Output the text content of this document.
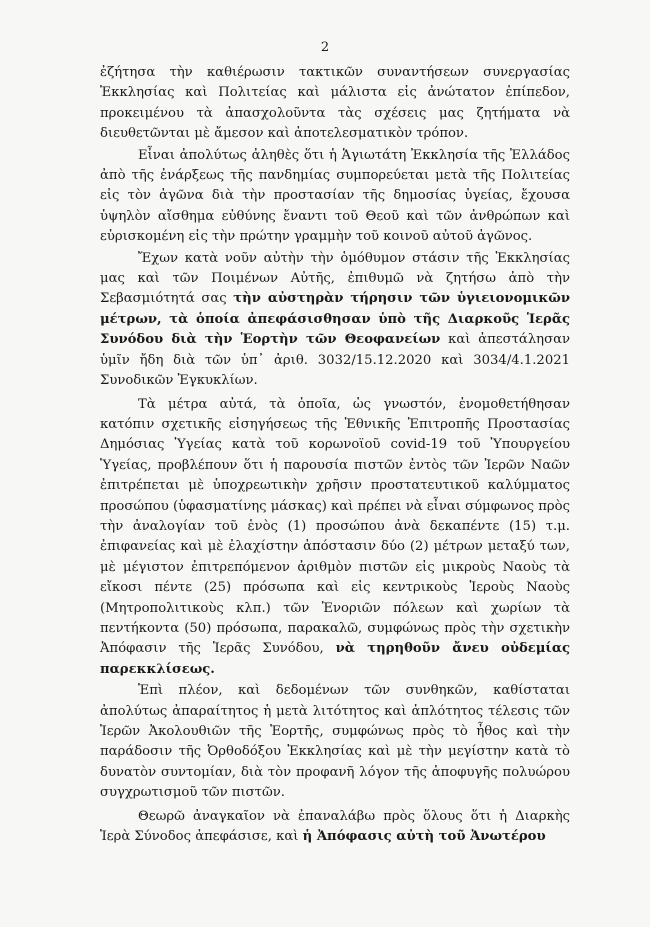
2

ἐζήτησα τὴν καθιέρωσιν τακτικῶν συναντήσεων συνεργασίας Ἐκκλησίας καὶ Πολιτείας καὶ μάλιστα εἰς ἀνώτατον ἐπίπεδον, προκειμένου τὰ ἀπασχολοῦντα τὰς σχέσεις μας ζητήματα νὰ διευθετῶνται μὲ ἄμεσον καὶ ἀποτελεσματικὸν τρόπον.

Εἶναι ἀπολύτως ἀληθὲς ὅτι ἡ Ἁγιωτάτη Ἐκκλησία τῆς Ἑλλάδος ἀπὸ τῆς ἐνάρξεως τῆς πανδημίας συμπορεύεται μετὰ τῆς Πολιτείας εἰς τὸν ἀγῶνα διὰ τὴν προστασίαν τῆς δημοσίας ὑγείας, ἔχουσα ὑψηλὸν αἴσθημα εὐθύνης ἔναντι τοῦ Θεοῦ καὶ τῶν ἀνθρώπων καὶ εὑρισκομένη εἰς τὴν πρώτην γραμμὴν τοῦ κοινοῦ αὐτοῦ ἀγῶνος.

Ἔχων κατὰ νοῦν αὐτὴν τὴν ὁμόθυμον στάσιν τῆς Ἐκκλησίας μας καὶ τῶν Ποιμένων Αὐτῆς, ἐπιθυμῶ νὰ ζητήσω ἀπὸ τὴν Σεβασμιότητά σας τὴν αὐστηρὰν τήρησιν τῶν ὑγιειονομικῶν μέτρων, τὰ ὁποία ἀπεφάσισθησαν ὑπὸ τῆς Διαρκοῦς Ἱερᾶς Συνόδου διὰ τὴν Ἑορτὴν τῶν Θεοφανείων καὶ ἀπεστάλησαν ὑμῖν ἤδη διὰ τῶν ὑπ᾽ ἀριθ. 3032/15.12.2020 καὶ 3034/4.1.2021 Συνοδικῶν Ἐγκυκλίων.

Τὰ μέτρα αὐτά, τὰ ὁποῖα, ὡς γνωστόν, ἐνομοθετήθησαν κατόπιν σχετικῆς εἰσηγήσεως τῆς Ἐθνικῆς Ἐπιτροπῆς Προστασίας Δημόσιας Ὑγείας κατὰ τοῦ κορωνοϊοῦ covid-19 τοῦ Ὑπουργείου Ὑγείας, προβλέπουν ὅτι ἡ παρουσία πιστῶν ἐντὸς τῶν Ἱερῶν Ναῶν ἐπιτρέπεται μὲ ὑποχρεωτικὴν χρῆσιν προστατευτικοῦ καλύμματος προσώπου (ὑφασματίνης μάσκας) καὶ πρέπει νὰ εἶναι σύμφωνος πρὸς τὴν ἀναλογίαν τοῦ ἑνὸς (1) προσώπου ἀνὰ δεκαπέντε (15) τ.μ. ἐπιφανείας καὶ μὲ ἐλαχίστην ἀπόστασιν δύο (2) μέτρων μεταξύ των, μὲ μέγιστον ἐπιτρεπόμενον ἀριθμὸν πιστῶν εἰς μικροὺς Ναοὺς τὰ εἴκοσι πέντε (25) πρόσωπα καὶ εἰς κεντρικοὺς Ἱεροὺς Ναοὺς (Μητροπολιτικοὺς κλπ.) τῶν Ἐνοριῶν πόλεων καὶ χωρίων τὰ πεντήκοντα (50) πρόσωπα, παρακαλῶ, συμφώνως πρὸς τὴν σχετικὴν Ἀπόφασιν τῆς Ἱερᾶς Συνόδου, νὰ τηρηθοῦν ἄνευ οὐδεμίας παρεκκλίσεως.

Ἐπὶ πλέον, καὶ δεδομένων τῶν συνθηκῶν, καθίσταται ἀπολύτως ἀπαραίτητος ἡ μετὰ λιτότητος καὶ ἁπλότητος τέλεσις τῶν Ἱερῶν Ἀκολουθιῶν τῆς Ἑορτῆς, συμφώνως πρὸς τὸ ἦθος καὶ τὴν παράδοσιν τῆς Ὀρθοδόξου Ἐκκλησίας καὶ μὲ τὴν μεγίστην κατὰ τὸ δυνατὸν συντομίαν, διὰ τὸν προφανῆ λόγον τῆς ἀποφυγῆς πολυώρου συγχρωτισμοῦ τῶν πιστῶν.

Θεωρῶ ἀναγκαῖον νὰ ἐπαναλάβω πρὸς ὅλους ὅτι ἡ Διαρκὴς Ἱερὰ Σύνοδος ἀπεφάσισε, καὶ ἡ Ἀπόφασις αὐτὴ τοῦ Ἀνωτέρου
